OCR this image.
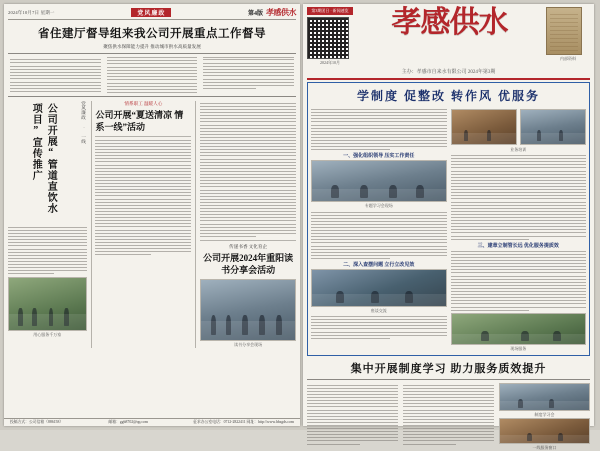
2024年10月7日 星期一	党风廉政	第4版 孝感供水
省住建厅督导组来我公司开展重点工作督导
聚焦供水保障能力提升 推动城市供水高质量发展
公司开展“管道直饮水项目”宣传推广	党风廉政 · 一线
用心服务千万家
情系职工 温暖人心
公司开展“夏送清凉 情系一线”活动
传递书香 文化育企
公司开展2024年重阳读书分享会活动
读书分享会现场
投稿方式：公司信箱（886158）	邮箱：ggb8702@qq.com	征求办公室电话：0712-2822411 网址：http://www.hbsgds.com
第3期团日 · 新闻速览
2024年10月
孝感供水
内部资料
主办：孝感市自来水有限公司 2024年第3期
学制度 促整改 转作风 优服务
一、强化组织领导 压实工作责任
专题学习会现场
二、深入查摆问题 立行立改见效
座谈交流
业务培训
三、建章立制管长远 优化服务提质效
现场服务
集中开展制度学习 助力服务质效提升
制度学习会
一线服务窗口
